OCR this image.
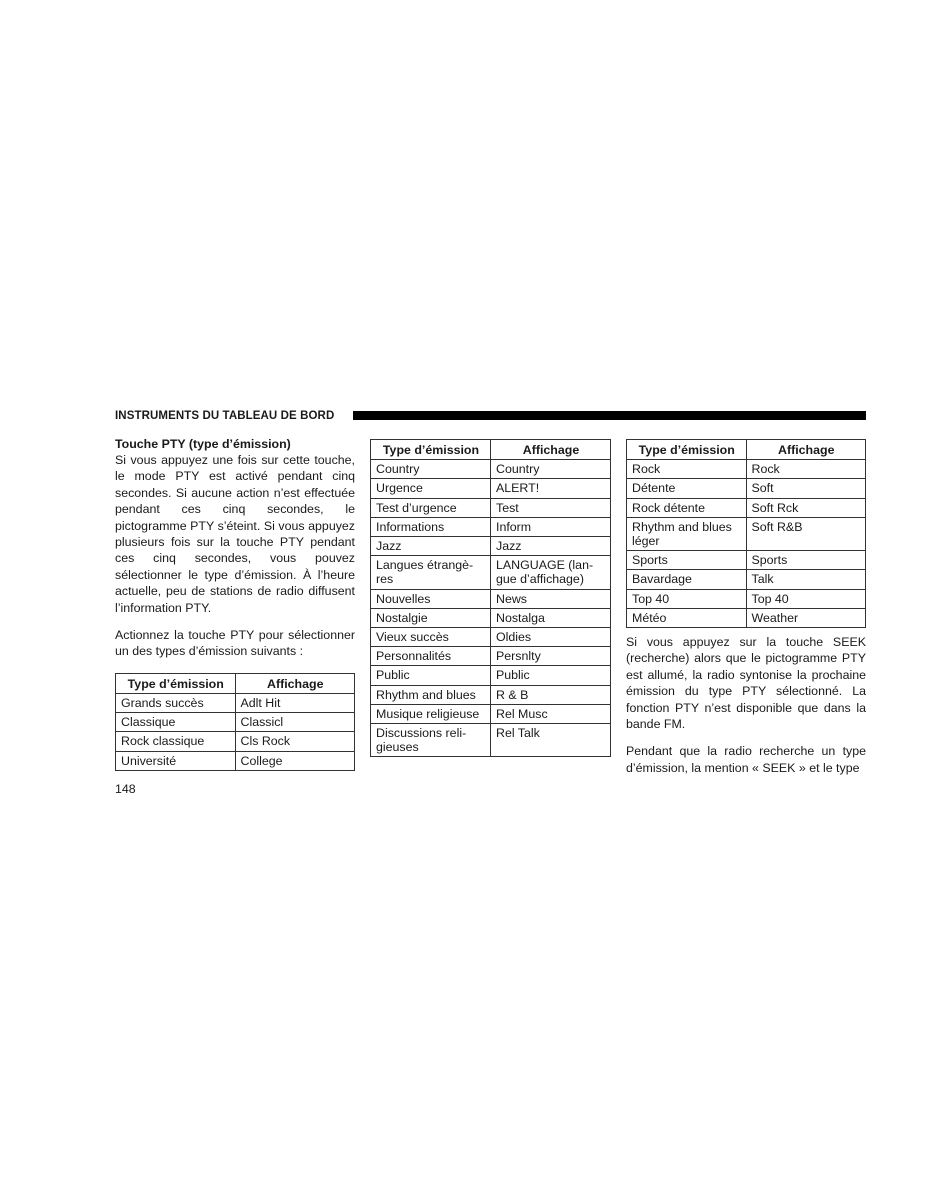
INSTRUMENTS DU TABLEAU DE BORD
Touche PTY (type d’émission)

Si vous appuyez une fois sur cette touche, le mode PTY est activé pendant cinq secondes. Si aucune action n’est effectuée pendant ces cinq secondes, le pictogramme PTY s’éteint. Si vous appuyez plusieurs fois sur la touche PTY pendant ces cinq secondes, vous pouvez sélectionner le type d’émission. À l’heure actuelle, peu de stations de radio diffusent l’information PTY.

Actionnez la touche PTY pour sélectionner un des types d’émission suivants :

Type d’émission	Affichage
Grands succès	Adlt Hit
Classique	Classicl
Rock classique	Cls Rock
Université	College
Type d’émission	Affichage
Country	Country
Urgence	ALERT!
Test d’urgence	Test
Informations	Inform
Jazz	Jazz
Langues étrangè-res	LANGUAGE (lan-gue d’affichage)
Nouvelles	News
Nostalgie	Nostalga
Vieux succès	Oldies
Personnalités	Persnlty
Public	Public
Rhythm and blues	R & B
Musique religieuse	Rel Musc
Discussions reli-gieuses	Rel Talk
Type d’émission	Affichage
Rock	Rock
Détente	Soft
Rock détente	Soft Rck
Rhythm and blues léger	Soft R&B
Sports	Sports
Bavardage	Talk
Top 40	Top 40
Météo	Weather

Si vous appuyez sur la touche SEEK (recherche) alors que le pictogramme PTY est allumé, la radio syntonise la prochaine émission du type PTY sélectionné. La fonction PTY n’est disponible que dans la bande FM.

Pendant que la radio recherche un type d’émission, la mention « SEEK » et le type

148
